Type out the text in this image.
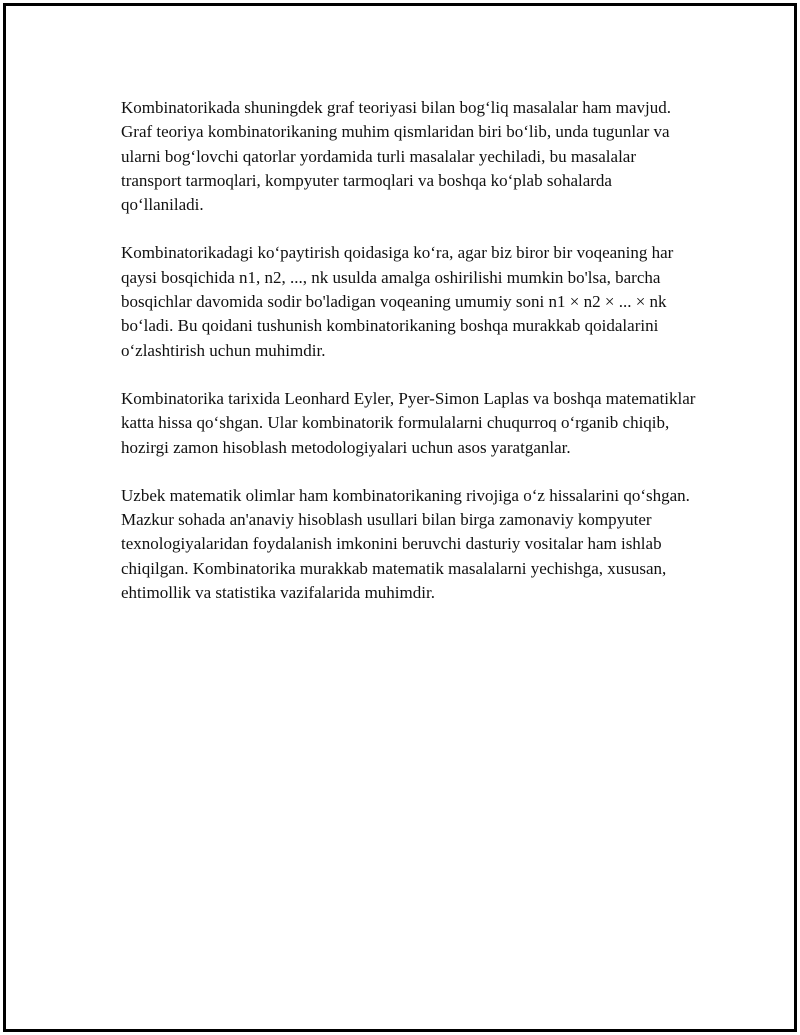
Kombinatorikada shuningdek graf teoriyasi bilan bog‘liq masalalar ham mavjud. Graf teoriya kombinatorikaning muhim qismlaridan biri bo‘lib, unda tugunlar va ularni bog‘lovchi qatorlar yordamida turli masalalar yechiladi, bu masalalar transport tarmoqlari, kompyuter tarmoqlari va boshqa ko‘plab sohalarda qo‘llaniladi.

Kombinatorikadagi ko‘paytirish qoidasiga ko‘ra, agar biz biror bir voqeaning har qaysi bosqichida n1, n2, ..., nk usulda amalga oshirilishi mumkin bo'lsa, barcha bosqichlar davomida sodir bo'ladigan voqeaning umumiy soni n1 × n2 × ... × nk bo‘ladi. Bu qoidani tushunish kombinatorikaning boshqa murakkab qoidalarini o‘zlashtirish uchun muhimdir.

Kombinatorika tarixida Leonhard Eyler, Pyer-Simon Laplas va boshqa matematiklar katta hissa qo‘shgan. Ular kombinatorik formulalarni chuqurroq o‘rganib chiqib, hozirgi zamon hisoblash metodologiyalari uchun asos yaratganlar.

Uzbek matematik olimlar ham kombinatorikaning rivojiga o‘z hissalarini qo‘shgan. Mazkur sohada an'anaviy hisoblash usullari bilan birga zamonaviy kompyuter texnologiyalaridan foydalanish imkonini beruvchi dasturiy vositalar ham ishlab chiqilgan. Kombinatorika murakkab matematik masalalarni yechishga, xususan, ehtimollik va statistika vazifalarida muhimdir.
